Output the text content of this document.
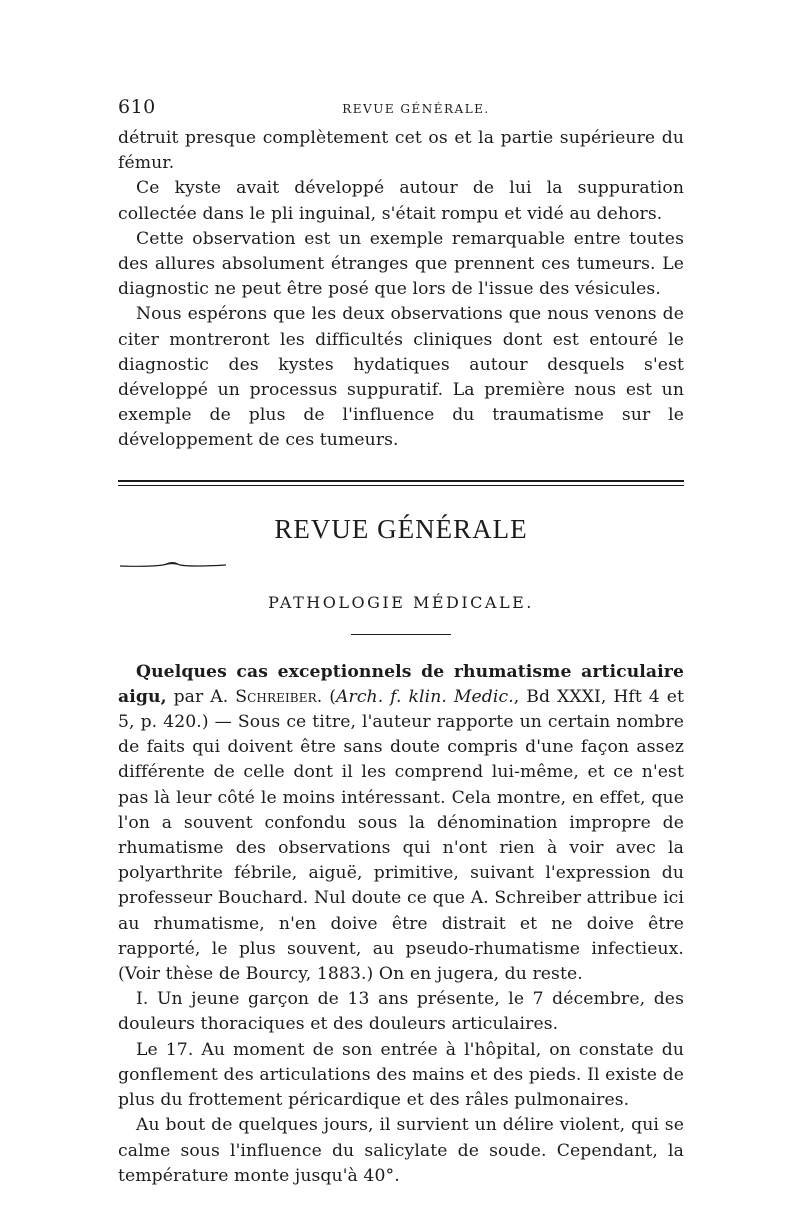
610	REVUE GÉNÉRALE.

détruit presque complètement cet os et la partie supérieure du fémur.

Ce kyste avait développé autour de lui la suppuration collectée dans le pli inguinal, s'était rompu et vidé au dehors.

Cette observation est un exemple remarquable entre toutes des allures absolument étranges que prennent ces tumeurs. Le diagnostic ne peut être posé que lors de l'issue des vésicules.

Nous espérons que les deux observations que nous venons de citer montreront les difficultés cliniques dont est entouré le diagnostic des kystes hydatiques autour desquels s'est développé un processus suppuratif. La première nous est un exemple de plus de l'influence du traumatisme sur le développement de ces tumeurs.

REVUE GÉNÉRALE
PATHOLOGIE MÉDICALE.

Quelques cas exceptionnels de rhumatisme articulaire aigu, par A. Schreiber. (Arch. f. klin. Medic., Bd XXXI, Hft 4 et 5, p. 420.) — Sous ce titre, l'auteur rapporte un certain nombre de faits qui doivent être sans doute compris d'une façon assez différente de celle dont il les comprend lui-même, et ce n'est pas là leur côté le moins intéressant. Cela montre, en effet, que l'on a souvent confondu sous la dénomination impropre de rhumatisme des observations qui n'ont rien à voir avec la polyarthrite fébrile, aiguë, primitive, suivant l'expression du professeur Bouchard. Nul doute ce que A. Schreiber attribue ici au rhumatisme, n'en doive être distrait et ne doive être rapporté, le plus souvent, au pseudo-rhumatisme infectieux. (Voir thèse de Bourcy, 1883.) On en jugera, du reste.

I. Un jeune garçon de 13 ans présente, le 7 décembre, des douleurs thoraciques et des douleurs articulaires.

Le 17. Au moment de son entrée à l'hôpital, on constate du gonflement des articulations des mains et des pieds. Il existe de plus du frottement péricardique et des râles pulmonaires.

Au bout de quelques jours, il survient un délire violent, qui se calme sous l'influence du salicylate de soude. Cependant, la température monte jusqu'à 40°.
